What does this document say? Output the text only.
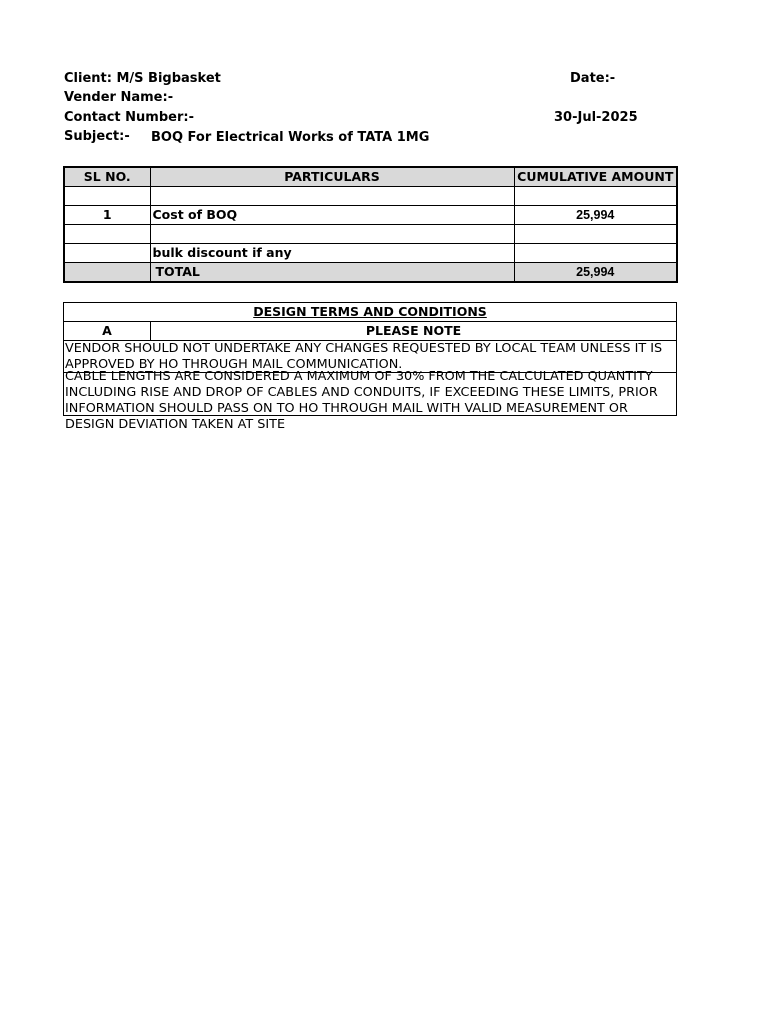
Client: M/S Bigbasket	Date:-
Vender Name:-
Contact Number:-	30-Jul-2025
Subject:- BOQ For Electrical Works of TATA 1MG
SL NO.	PARTICULARS	CUMULATIVE AMOUNT

1	Cost of BOQ	25,994

	bulk discount if any	
	TOTAL	25,994
DESIGN TERMS AND CONDITIONS
A	PLEASE NOTE

VENDOR SHOULD NOT UNDERTAKE ANY CHANGES REQUESTED BY LOCAL TEAM UNLESS IT IS APPROVED BY HO THROUGH MAIL COMMUNICATION.

CABLE LENGTHS ARE CONSIDERED A MAXIMUM OF 30% FROM THE CALCULATED QUANTITY INCLUDING RISE AND DROP OF CABLES AND CONDUITS, IF EXCEEDING THESE LIMITS, PRIOR INFORMATION SHOULD PASS ON TO HO THROUGH MAIL WITH VALID MEASUREMENT OR DESIGN DEVIATION TAKEN AT SITE
